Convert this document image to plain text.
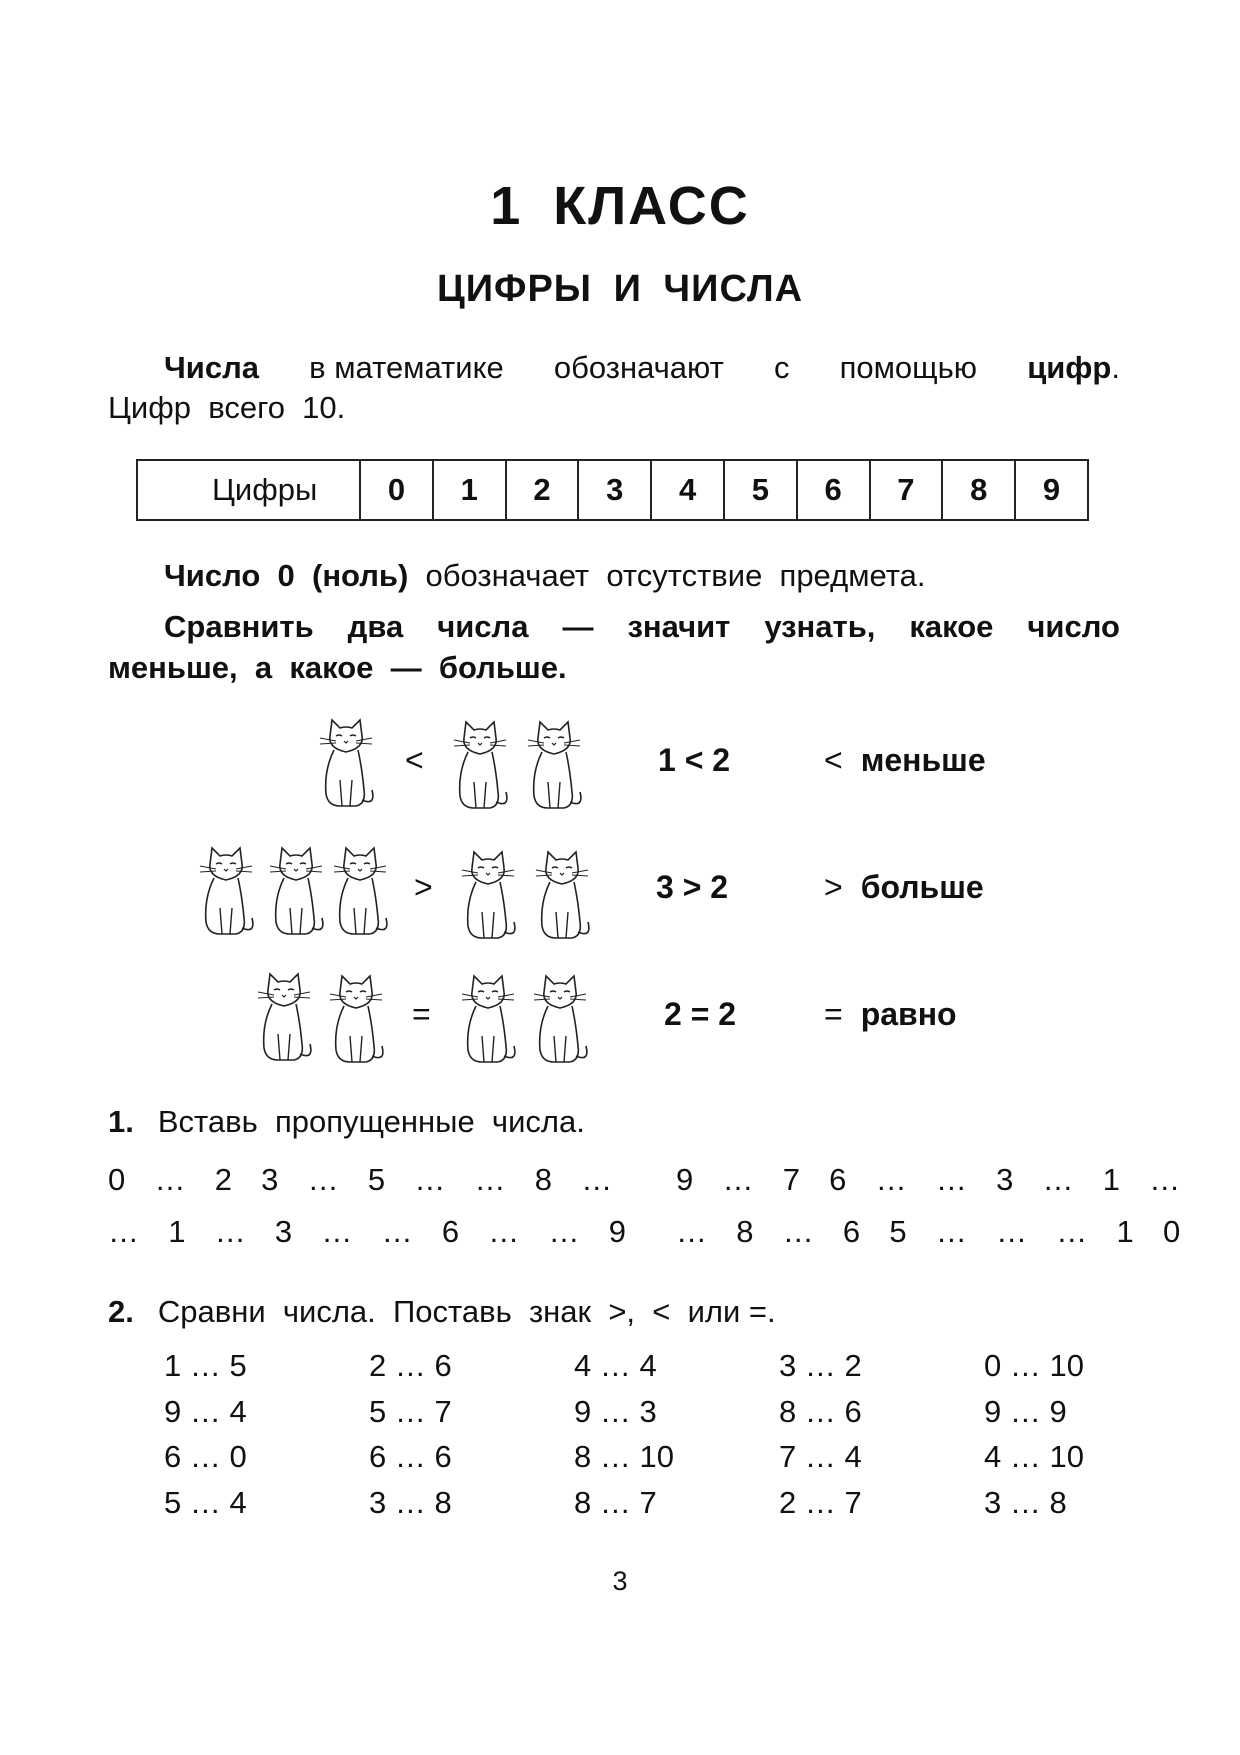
1 КЛАСС
ЦИФРЫ И ЧИСЛА
Числа в математике обозначают с помощью цифр.
Цифр  всего  10.
Цифры	0	1	2	3	4	5	6	7	8	9
Число  0  (ноль) обозначает  отсутствие  предмета.
Сравнить два числа — значит узнать, какое число
меньше,  а  какое  —  больше.
<	1 < 2	< меньше
>	3 > 2	> больше
=	2 = 2	= равно
1. Вставь  пропущенные  числа.
0  …  2  3  …  5  …  …  8  …
…  1  …  3  …  …  6  …  …  9
9  …  7  6  …  …  3  …  1  …
…  8  …  6  5  …  …  …  1  0
2. Сравни  числа.  Поставь  знак  >,  <  или =.
1 … 5	2 … 6	4 … 4	3 … 2	0 … 10
9 … 4	5 … 7	9 … 3	8 … 6	9 … 9
6 … 0	6 … 6	8 … 10	7 … 4	4 … 10
5 … 4	3 … 8	8 … 7	2 … 7	3 … 8
3
